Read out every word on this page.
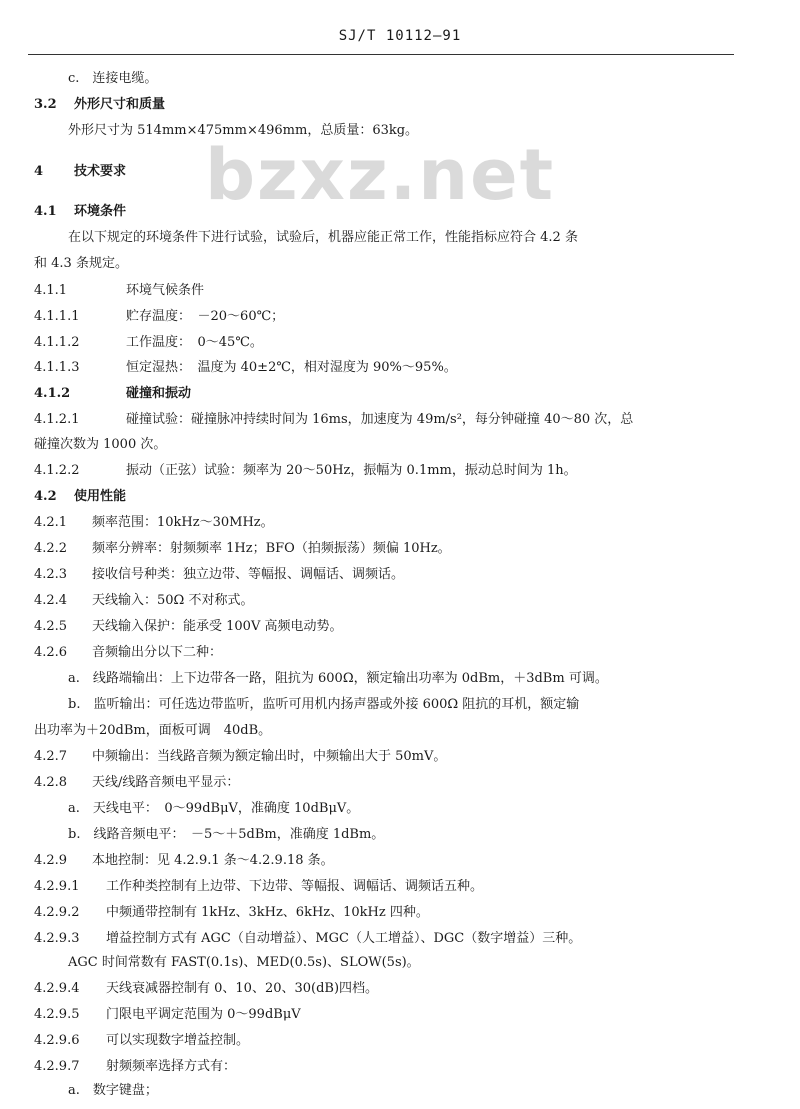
SJ/T 10112—91
bzxz.net
c.　连接电缆。
3.2 外形尺寸和质量
外形尺寸为 514mm×475mm×496mm，总质量：63kg。
4 技术要求
4.1 环境条件
在以下规定的环境条件下进行试验，试验后，机器应能正常工作，性能指标应符合 4.2 条
和 4.3 条规定。
4.1.1	环境气候条件
4.1.1.1	贮存温度：　－20～60℃；
4.1.1.2	工作温度：　0～45℃。
4.1.1.3	恒定湿热：　温度为 40±2℃，相对湿度为 90%～95%。
4.1.2	碰撞和振动
4.1.2.1	碰撞试验：碰撞脉冲持续时间为 16ms，加速度为 49m/s²，每分钟碰撞 40～80 次，总
碰撞次数为 1000 次。
4.1.2.2	振动（正弦）试验：频率为 20～50Hz，振幅为 0.1mm，振动总时间为 1h。
4.2 使用性能
4.2.1 频率范围：10kHz～30MHz。
4.2.2 频率分辨率：射频频率 1Hz；BFO（拍频振荡）频偏 10Hz。
4.2.3 接收信号种类：独立边带、等幅报、调幅话、调频话。
4.2.4 天线输入：50Ω 不对称式。
4.2.5 天线输入保护：能承受 100V 高频电动势。
4.2.6 音频输出分以下二种：
a.　线路端输出：上下边带各一路，阻抗为 600Ω，额定输出功率为 0dBm，＋3dBm 可调。
b.　监听输出：可任选边带监听，监听可用机内扬声器或外接 600Ω 阻抗的耳机，额定输
出功率为＋20dBm，面板可调　40dB。
4.2.7 中频输出：当线路音频为额定输出时，中频输出大于 50mV。
4.2.8 天线/线路音频电平显示：
a.　天线电平：　0～99dBμV，准确度 10dBμV。
b.　线路音频电平：　－5～＋5dBm，准确度 1dBm。
4.2.9 本地控制：见 4.2.9.1 条～4.2.9.18 条。
4.2.9.1 工作种类控制有上边带、下边带、等幅报、调幅话、调频话五种。
4.2.9.2 中频通带控制有 1kHz、3kHz、6kHz、10kHz 四种。
4.2.9.3 增益控制方式有 AGC（自动增益）、MGC（人工增益）、DGC（数字增益）三种。
AGC 时间常数有 FAST(0.1s)、MED(0.5s)、SLOW(5s)。
4.2.9.4 天线衰减器控制有 0、10、20、30(dB)四档。
4.2.9.5 门限电平调定范围为 0～99dBμV
4.2.9.6 可以实现数字增益控制。
4.2.9.7 射频频率选择方式有：
a.　数字键盘；
